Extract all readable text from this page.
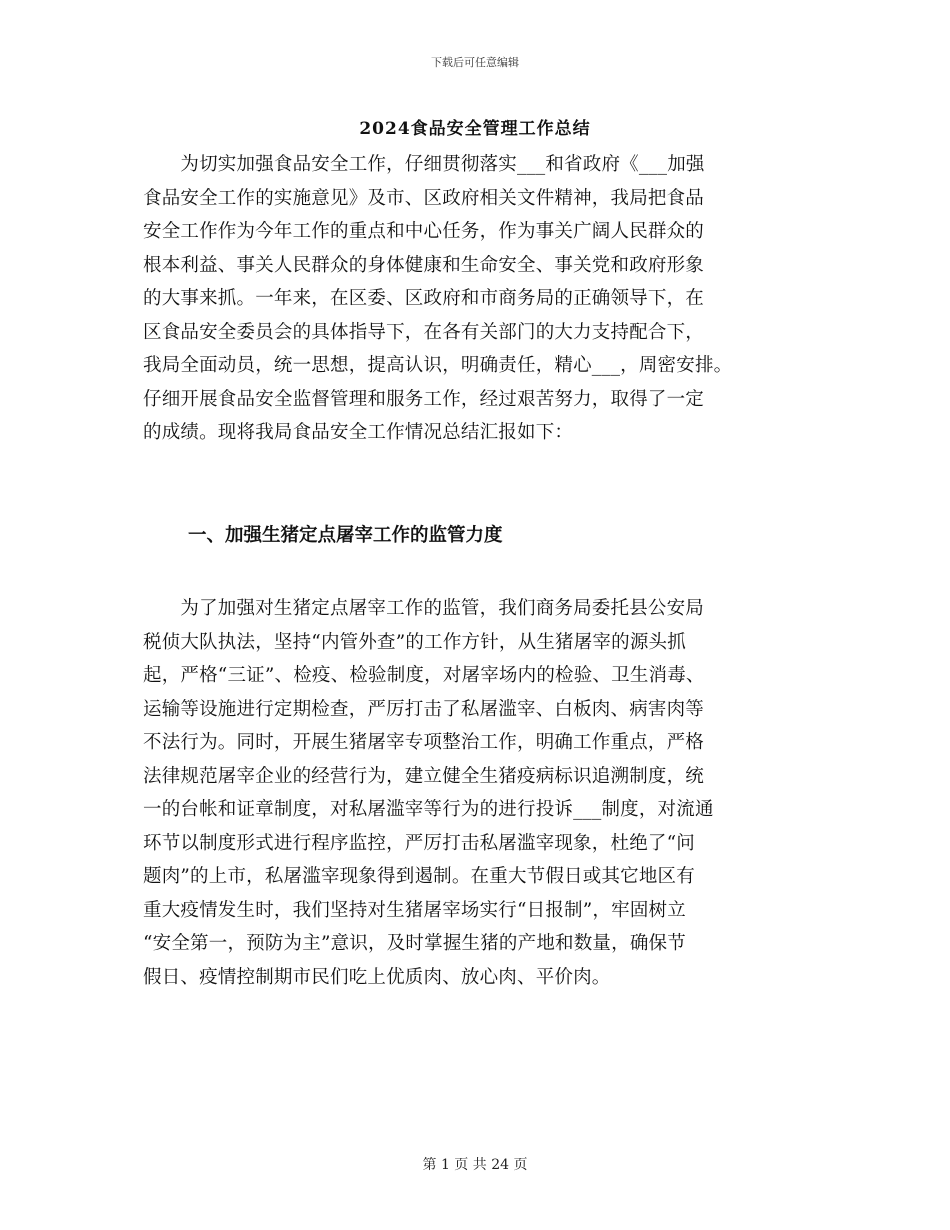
下载后可任意编辑
2024食品安全管理工作总结
　　为切实加强食品安全工作，仔细贯彻落实___和省政府《___加强
食品安全工作的实施意见》及市、区政府相关文件精神，我局把食品
安全工作作为今年工作的重点和中心任务，作为事关广阔人民群众的
根本利益、事关人民群众的身体健康和生命安全、事关党和政府形象
的大事来抓。一年来，在区委、区政府和市商务局的正确领导下，在
区食品安全委员会的具体指导下，在各有关部门的大力支持配合下，
我局全面动员，统一思想，提高认识，明确责任，精心___，周密安排。
仔细开展食品安全监督管理和服务工作，经过艰苦努力，取得了一定
的成绩。现将我局食品安全工作情况总结汇报如下：
一、加强生猪定点屠宰工作的监管力度
　　为了加强对生猪定点屠宰工作的监管，我们商务局委托县公安局
税侦大队执法，坚持“内管外查”的工作方针，从生猪屠宰的源头抓
起，严格“三证”、检疫、检验制度，对屠宰场内的检验、卫生消毒、
运输等设施进行定期检查，严厉打击了私屠滥宰、白板肉、病害肉等
不法行为。同时，开展生猪屠宰专项整治工作，明确工作重点，严格
法律规范屠宰企业的经营行为，建立健全生猪疫病标识追溯制度，统
一的台帐和证章制度，对私屠滥宰等行为的进行投诉___制度，对流通
环节以制度形式进行程序监控，严厉打击私屠滥宰现象，杜绝了“问
题肉”的上市，私屠滥宰现象得到遏制。在重大节假日或其它地区有
重大疫情发生时，我们坚持对生猪屠宰场实行“日报制”，牢固树立
“安全第一，预防为主”意识，及时掌握生猪的产地和数量，确保节
假日、疫情控制期市民们吃上优质肉、放心肉、平价肉。
第 1 页 共 24 页
